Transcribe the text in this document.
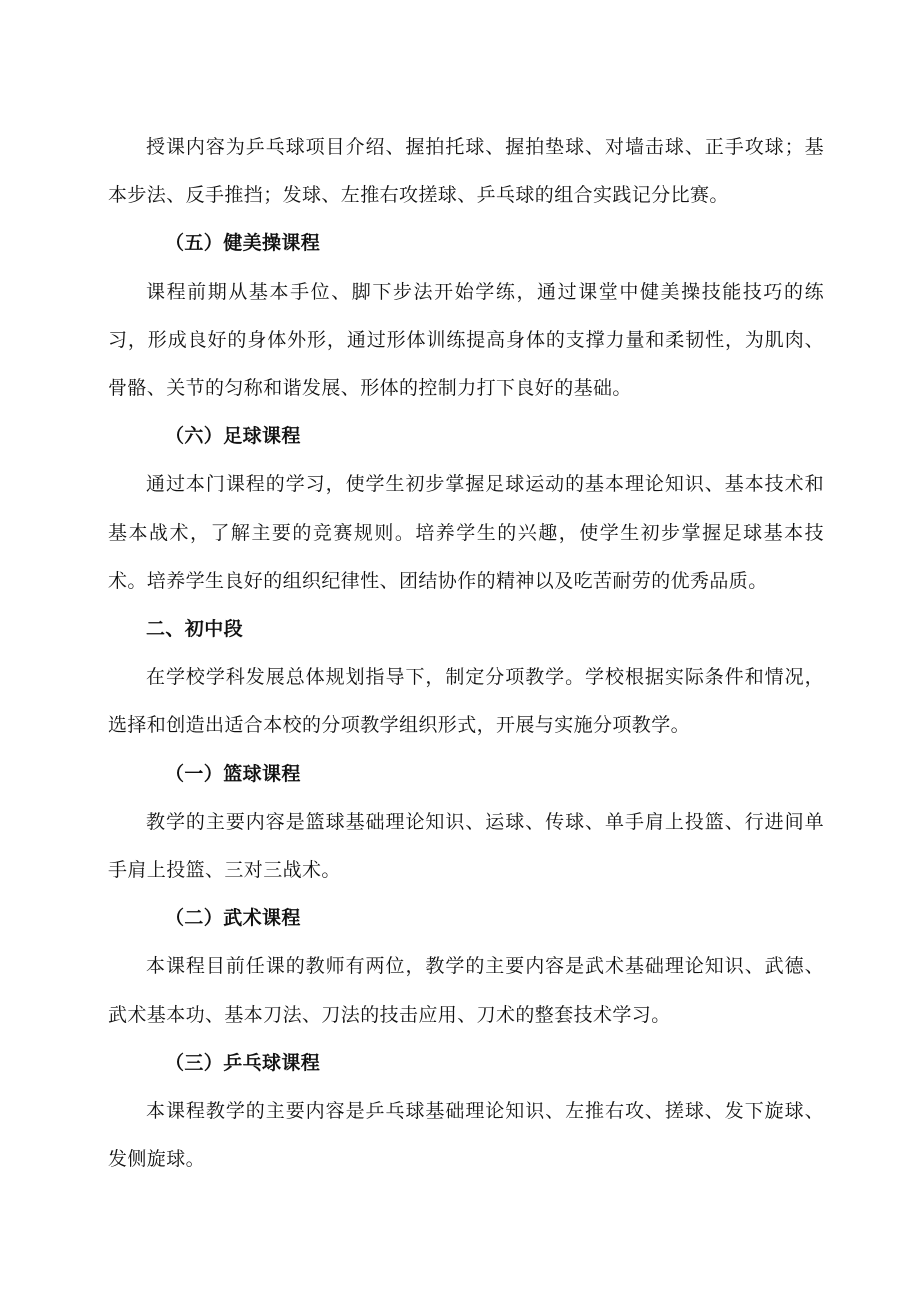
授课内容为乒乓球项目介绍、握拍托球、握拍垫球、对墙击球、正手攻球；基本步法、反手推挡；发球、左推右攻搓球、乒乓球的组合实践记分比赛。

（五）健美操课程

课程前期从基本手位、脚下步法开始学练，通过课堂中健美操技能技巧的练习，形成良好的身体外形，通过形体训练提高身体的支撑力量和柔韧性，为肌肉、骨骼、关节的匀称和谐发展、形体的控制力打下良好的基础。

（六）足球课程

通过本门课程的学习，使学生初步掌握足球运动的基本理论知识、基本技术和基本战术，了解主要的竞赛规则。培养学生的兴趣，使学生初步掌握足球基本技术。培养学生良好的组织纪律性、团结协作的精神以及吃苦耐劳的优秀品质。

二、初中段

在学校学科发展总体规划指导下，制定分项教学。学校根据实际条件和情况，选择和创造出适合本校的分项教学组织形式，开展与实施分项教学。

（一）篮球课程

教学的主要内容是篮球基础理论知识、运球、传球、单手肩上投篮、行进间单手肩上投篮、三对三战术。

（二）武术课程

本课程目前任课的教师有两位，教学的主要内容是武术基础理论知识、武德、武术基本功、基本刀法、刀法的技击应用、刀术的整套技术学习。

（三）乒乓球课程

本课程教学的主要内容是乒乓球基础理论知识、左推右攻、搓球、发下旋球、发侧旋球。
